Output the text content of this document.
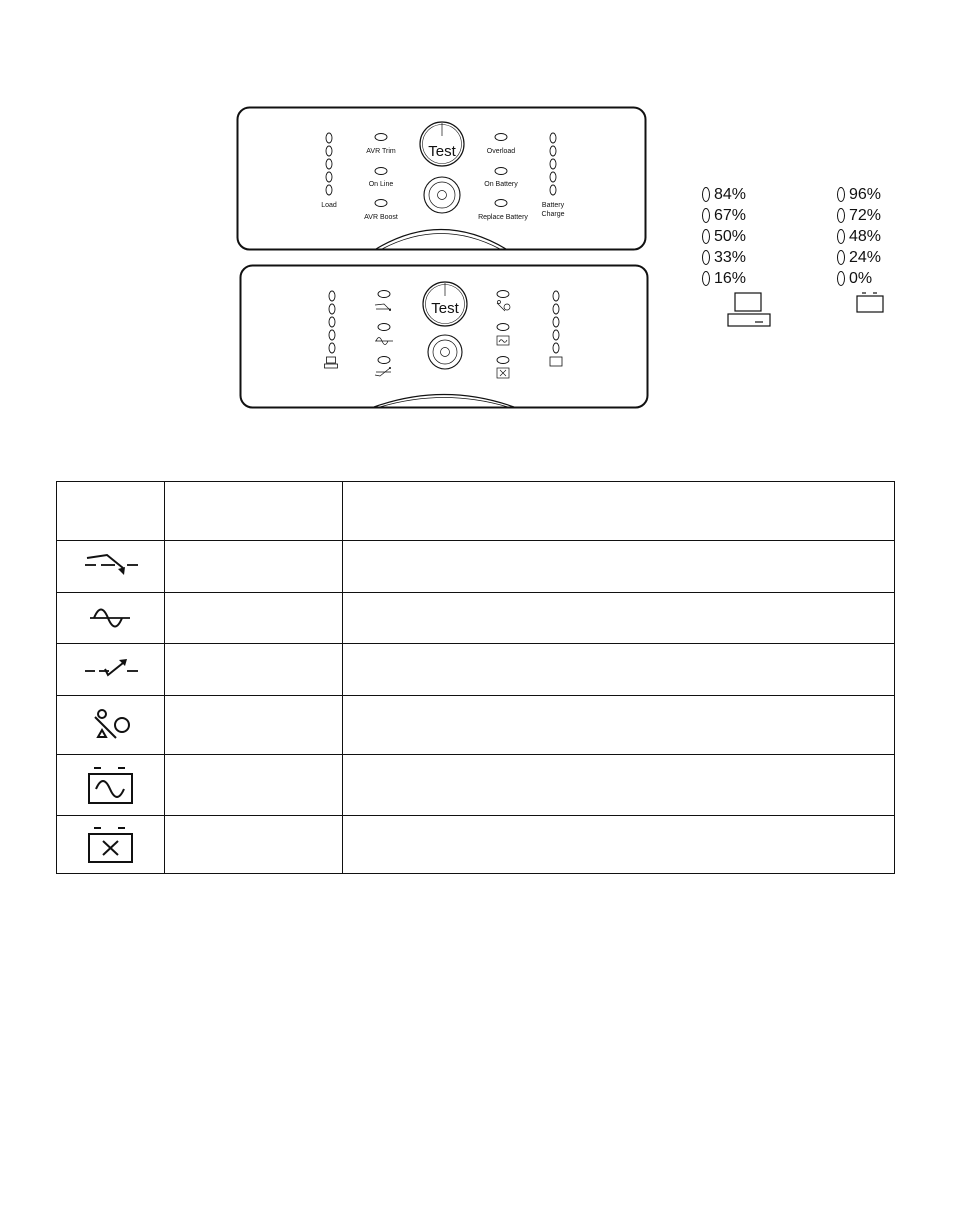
Load
AVR Trim
On Line
AVR Boost
Test	Overload
On Battery
Replace Battery
Battery
Charge
Test
84%
67%
50%
33%
16%
96%
72%
48%
24%
0%
